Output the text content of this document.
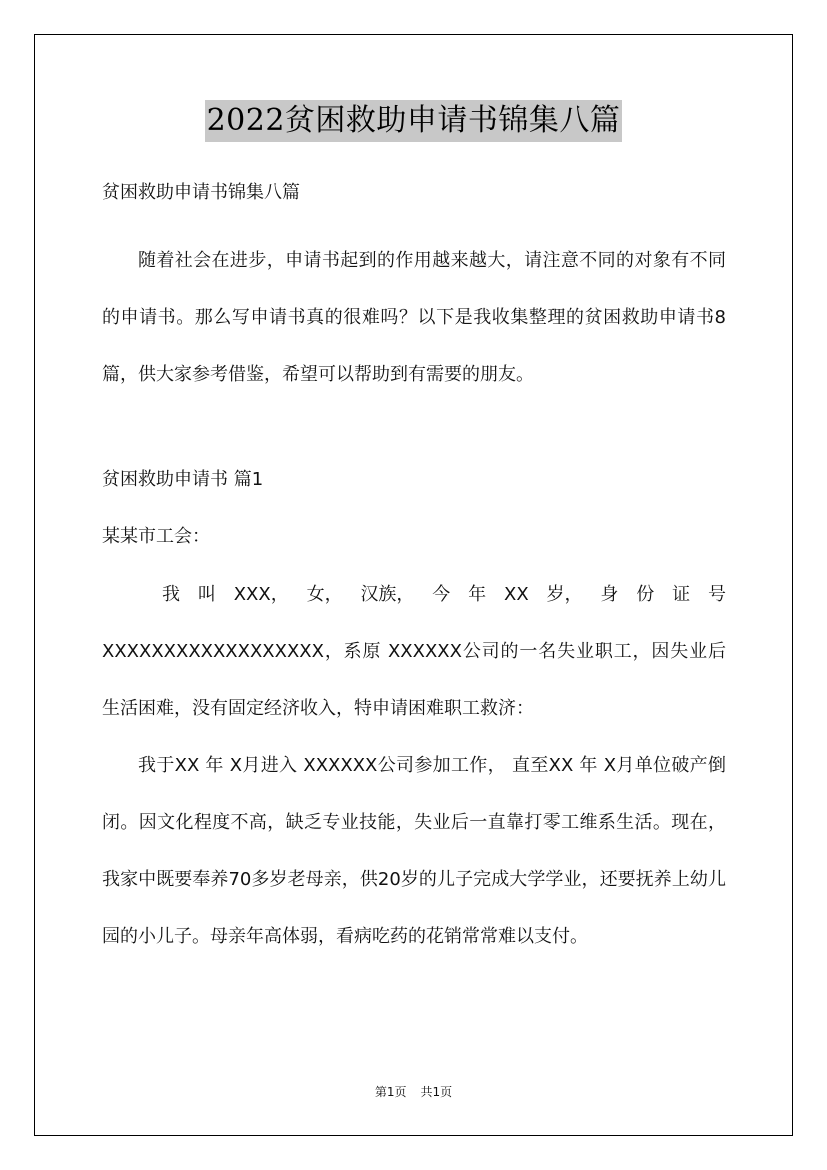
2022贫困救助申请书锦集八篇

贫困救助申请书锦集八篇

随着社会在进步，申请书起到的作用越来越大，请注意不同的对象有不同的申请书。那么写申请书真的很难吗？以下是我收集整理的贫困救助申请书8篇，供大家参考借鉴，希望可以帮助到有需要的朋友。

贫困救助申请书 篇1

某某市工会：

我 叫 XXX， 女， 汉族， 今 年 XX 岁， 身 份 证 号

XXXXXXXXXXXXXXXXXX，系原 XXXXXX公司的一名失业职工，因失业后生活困难，没有固定经济收入，特申请困难职工救济：

我于XX 年 X月进入 XXXXXX公司参加工作， 直至XX 年 X月单位破产倒闭。因文化程度不高，缺乏专业技能，失业后一直靠打零工维系生活。现在，我家中既要奉养70多岁老母亲，供20岁的儿子完成大学学业，还要抚养上幼儿园的小儿子。母亲年高体弱，看病吃药的花销常常难以支付。

第1页 共1页
